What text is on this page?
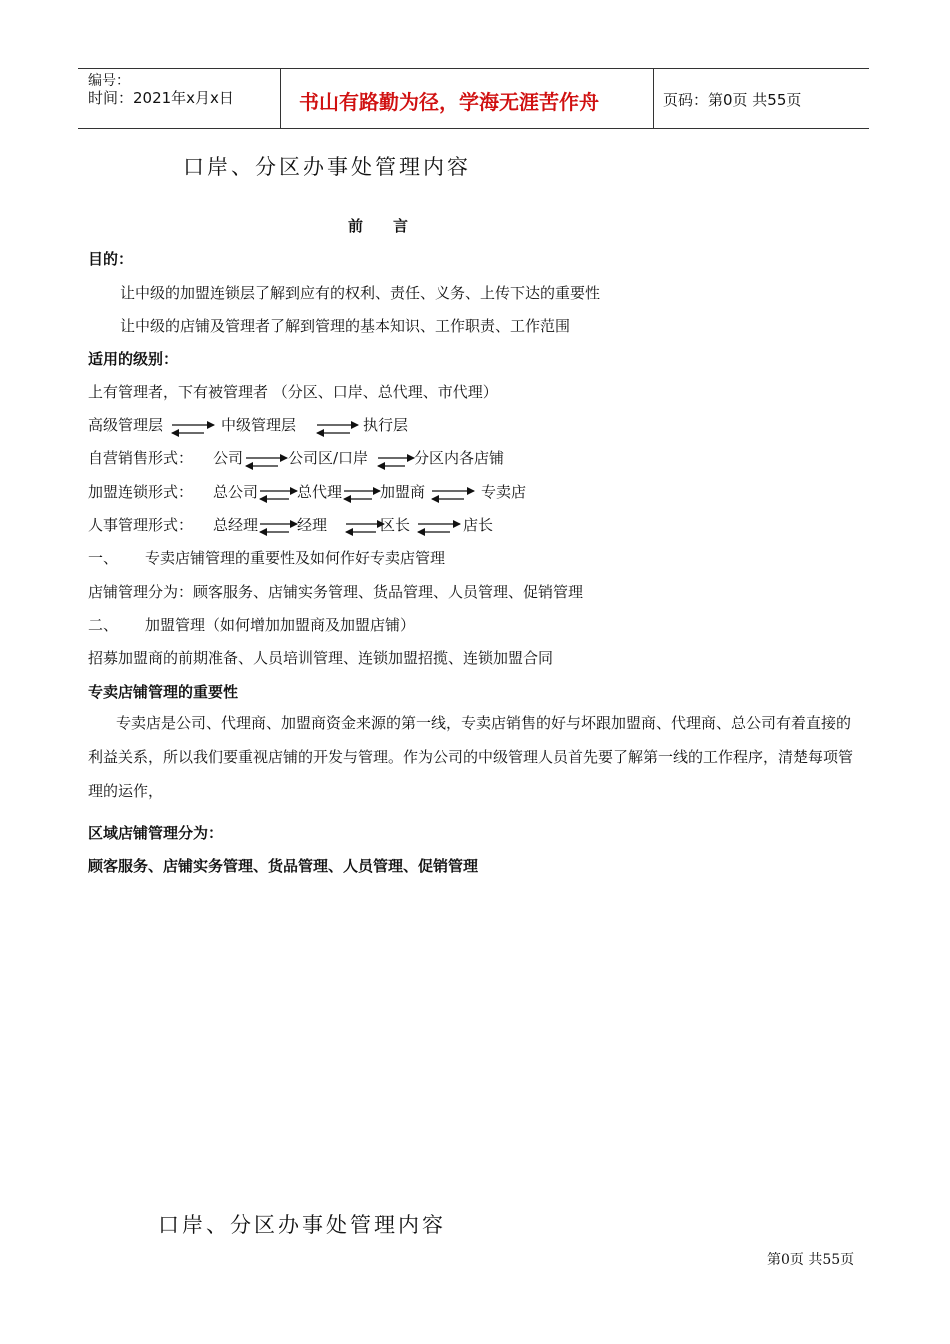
编号：
时间：2021年x月x日	书山有路勤为径，学海无涯苦作舟	页码：第0页 共55页
口岸、分区办事处管理内容
前　　言
目的：
让中级的加盟连锁层了解到应有的权利、责任、义务、上传下达的重要性
让中级的店铺及管理者了解到管理的基本知识、工作职责、工作范围
适用的级别：
上有管理者，下有被管理者 （分区、口岸、总代理、市代理）
高级管理层	中级管理层	执行层
自营销售形式： 公司	公司区/口岸	分区内各店铺
加盟连锁形式： 总公司	总代理	加盟商	专卖店
人事管理形式： 总经理	经理	区长	店长
一、 专卖店铺管理的重要性及如何作好专卖店管理
店铺管理分为：顾客服务、店铺实务管理、货品管理、人员管理、促销管理
二、 加盟管理（如何增加加盟商及加盟店铺）
招募加盟商的前期准备、人员培训管理、连锁加盟招揽、连锁加盟合同
专卖店铺管理的重要性
专卖店是公司、代理商、加盟商资金来源的第一线，专卖店销售的好与坏跟加盟商、代理商、总公司有着直接的利益关系，所以我们要重视店铺的开发与管理。作为公司的中级管理人员首先要了解第一线的工作程序，清楚每项管理的运作，
区域店铺管理分为：
顾客服务、店铺实务管理、货品管理、人员管理、促销管理
口岸、分区办事处管理内容
第0页 共55页
